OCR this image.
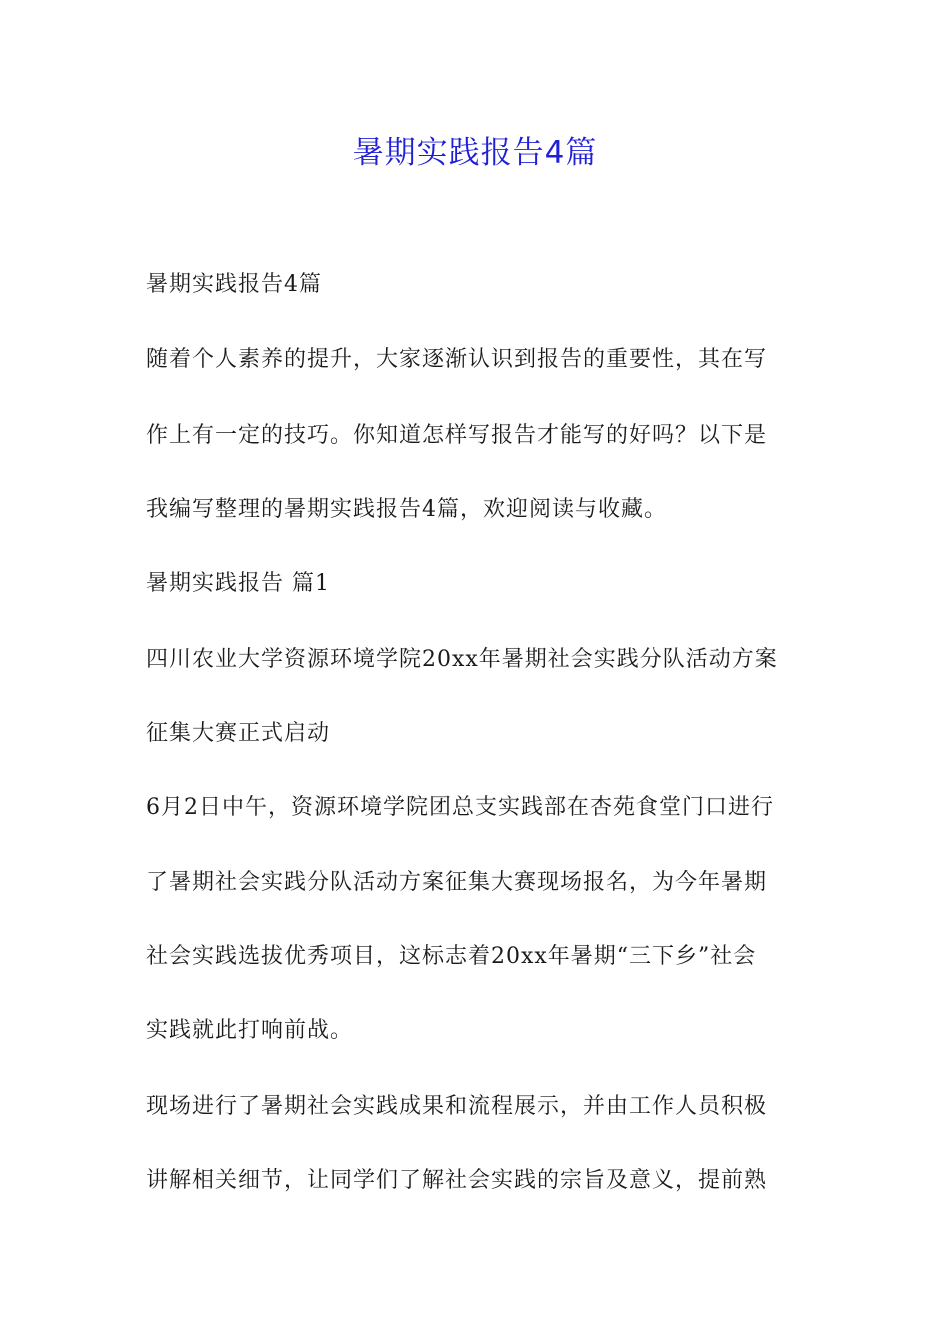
暑期实践报告4篇
暑期实践报告4篇
随着个人素养的提升，大家逐渐认识到报告的重要性，其在写
作上有一定的技巧。你知道怎样写报告才能写的好吗？以下是
我编写整理的暑期实践报告4篇，欢迎阅读与收藏。
暑期实践报告 篇1
四川农业大学资源环境学院20xx年暑期社会实践分队活动方案
征集大赛正式启动
6月2日中午，资源环境学院团总支实践部在杏苑食堂门口进行
了暑期社会实践分队活动方案征集大赛现场报名，为今年暑期
社会实践选拔优秀项目，这标志着20xx年暑期“三下乡”社会
实践就此打响前战。
现场进行了暑期社会实践成果和流程展示，并由工作人员积极
讲解相关细节，让同学们了解社会实践的宗旨及意义，提前熟
